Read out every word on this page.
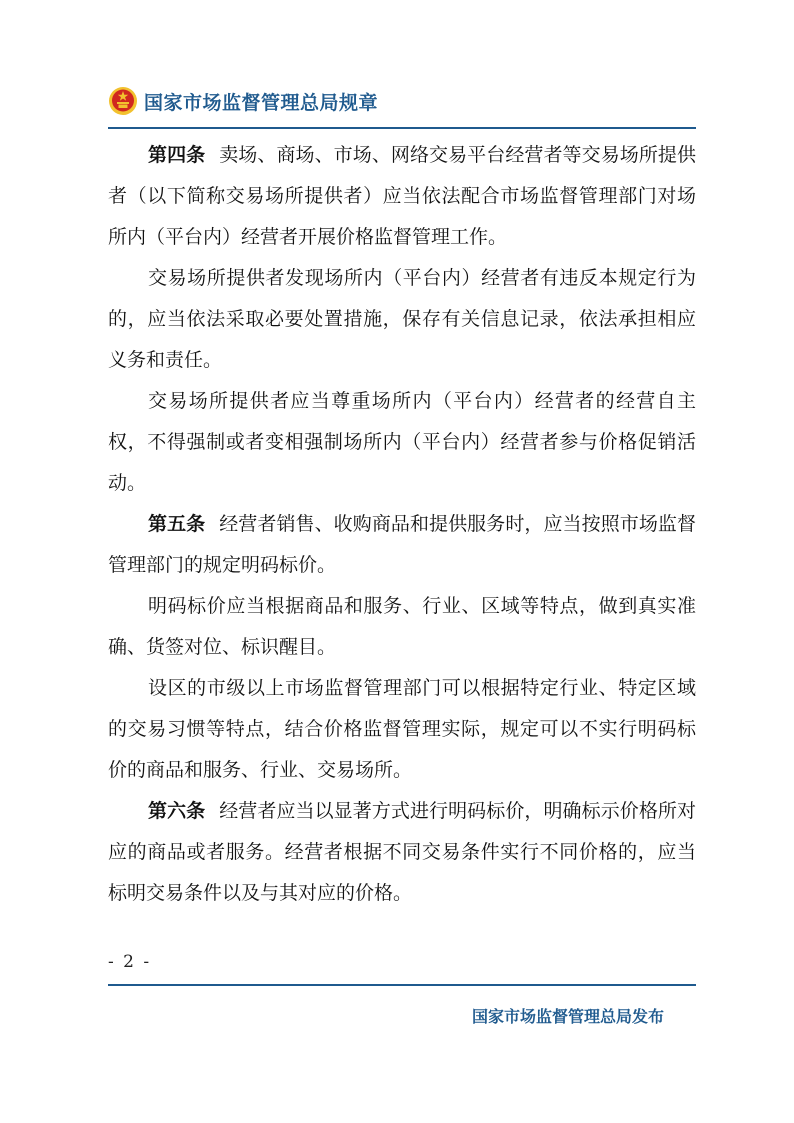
国家市场监督管理总局规章

第四条 卖场、商场、市场、网络交易平台经营者等交易场所提供者（以下简称交易场所提供者）应当依法配合市场监督管理部门对场所内（平台内）经营者开展价格监督管理工作。

交易场所提供者发现场所内（平台内）经营者有违反本规定行为的，应当依法采取必要处置措施，保存有关信息记录，依法承担相应义务和责任。

交易场所提供者应当尊重场所内（平台内）经营者的经营自主权，不得强制或者变相强制场所内（平台内）经营者参与价格促销活动。

第五条 经营者销售、收购商品和提供服务时，应当按照市场监督管理部门的规定明码标价。

明码标价应当根据商品和服务、行业、区域等特点，做到真实准确、货签对位、标识醒目。

设区的市级以上市场监督管理部门可以根据特定行业、特定区域的交易习惯等特点，结合价格监督管理实际，规定可以不实行明码标价的商品和服务、行业、交易场所。

第六条 经营者应当以显著方式进行明码标价，明确标示价格所对应的商品或者服务。经营者根据不同交易条件实行不同价格的，应当标明交易条件以及与其对应的价格。

- 2 -
国家市场监督管理总局发布
